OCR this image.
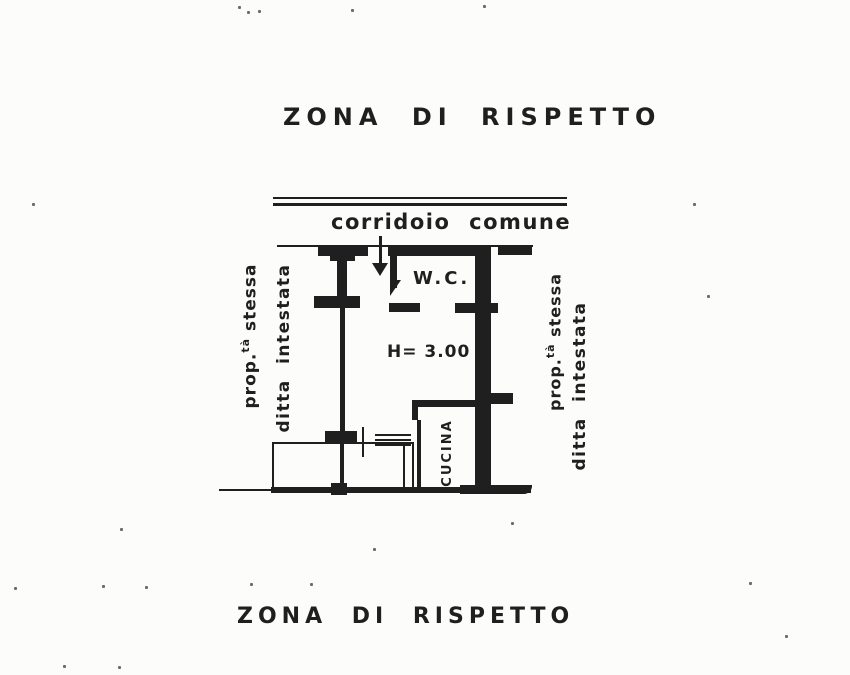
ZONA DI RISPETTO
corridoio comune
W.C.
H= 3.00
CUCINA
prop.$^{tà}$ stessa ditta intestata	prop.$^{tà}$ stessa ditta intestata
ZONA DI RISPETTO
